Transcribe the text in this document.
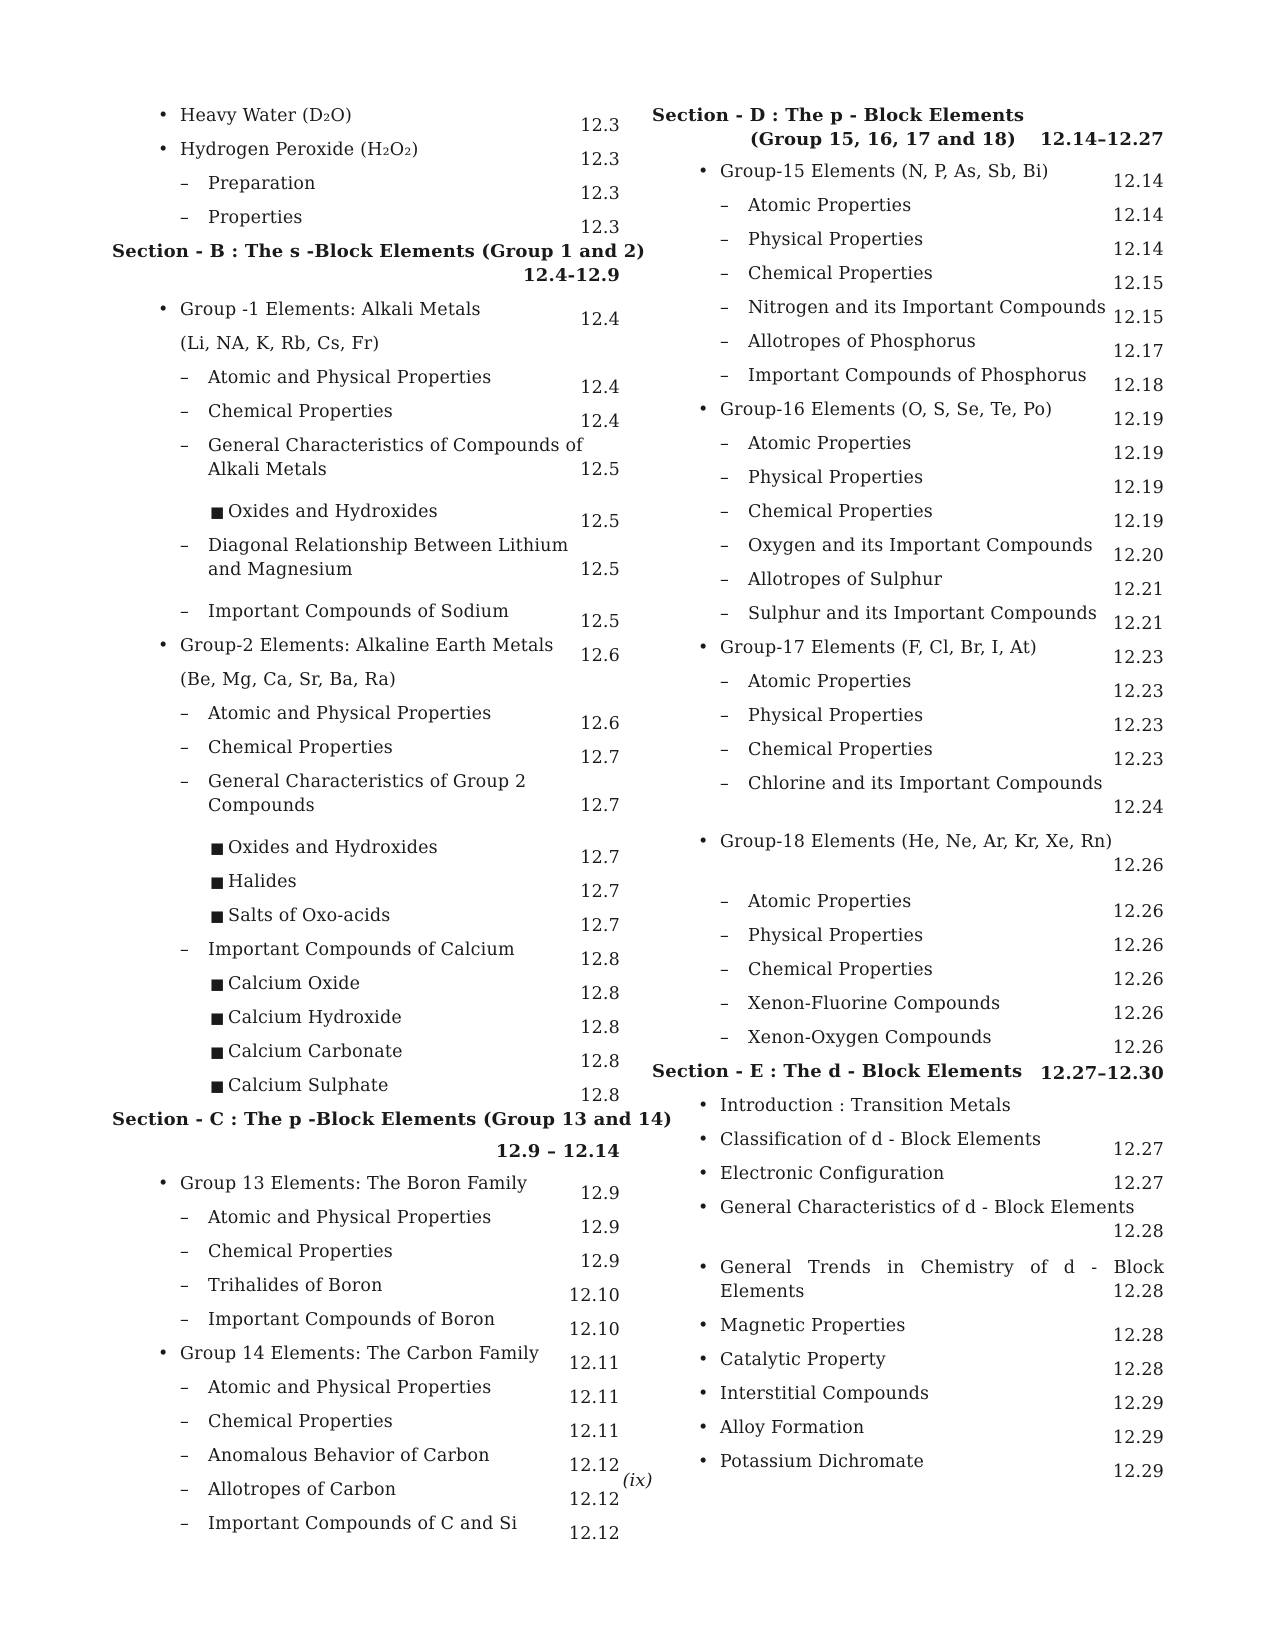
• Heavy Water (D₂O)	12.3
• Hydrogen Peroxide (H₂O₂)	12.3
– Preparation	12.3
– Properties	12.3
Section - B : The s -Block Elements (Group 1 and 2)
12.4-12.9
• Group -1 Elements: Alkali Metals	12.4
(Li, NA, K, Rb, Cs, Fr)
– Atomic and Physical Properties	12.4
– Chemical Properties	12.4
– General Characteristics of Compounds of
Alkali Metals	12.5
■ Oxides and Hydroxides	12.5
– Diagonal Relationship Between Lithium
and Magnesium	12.5
– Important Compounds of Sodium	12.5
• Group-2 Elements: Alkaline Earth Metals 12.6
(Be, Mg, Ca, Sr, Ba, Ra)
– Atomic and Physical Properties	12.6
– Chemical Properties	12.7
– General Characteristics of Group 2
Compounds	12.7
■ Oxides and Hydroxides	12.7
■ Halides	12.7
■ Salts of Oxo-acids	12.7
– Important Compounds of Calcium	12.8
■ Calcium Oxide	12.8
■ Calcium Hydroxide	12.8
■ Calcium Carbonate	12.8
■ Calcium Sulphate	12.8
Section - C : The p -Block Elements (Group 13 and 14)
12.9 – 12.14
• Group 13 Elements: The Boron Family	12.9
– Atomic and Physical Properties	12.9
– Chemical Properties	12.9
– Trihalides of Boron	12.10
– Important Compounds of Boron	12.10
• Group 14 Elements: The Carbon Family 12.11
– Atomic and Physical Properties	12.11
– Chemical Properties	12.11
– Anomalous Behavior of Carbon	12.12
– Allotropes of Carbon	12.12
– Important Compounds of C and Si	12.12
Section - D : The p - Block Elements
(Group 15, 16, 17 and 18) 12.14–12.27
• Group-15 Elements (N, P, As, Sb, Bi)	12.14
– Atomic Properties	12.14
– Physical Properties	12.14
– Chemical Properties	12.15
– Nitrogen and its Important Compounds 12.15
– Allotropes of Phosphorus	12.17
– Important Compounds of Phosphorus 12.18
• Group-16 Elements (O, S, Se, Te, Po)	12.19
– Atomic Properties	12.19
– Physical Properties	12.19
– Chemical Properties	12.19
– Oxygen and its Important Compounds 12.20
– Allotropes of Sulphur	12.21
– Sulphur and its Important Compounds 12.21
• Group-17 Elements (F, Cl, Br, I, At)	12.23
– Atomic Properties	12.23
– Physical Properties	12.23
– Chemical Properties	12.23
– Chlorine and its Important Compounds
12.24
• Group-18 Elements (He, Ne, Ar, Kr, Xe, Rn)
12.26
– Atomic Properties	12.26
– Physical Properties	12.26
– Chemical Properties	12.26
– Xenon-Fluorine Compounds	12.26
– Xenon-Oxygen Compounds	12.26
Section - E : The d - Block Elements 12.27–12.30
• Introduction : Transition Metals
• Classification of d - Block Elements	12.27
• Electronic Configuration	12.27
• General Characteristics of d - Block Elements
12.28
• General Trends in Chemistry of d - Block
Elements	12.28
• Magnetic Properties	12.28
• Catalytic Property	12.28
• Interstitial Compounds	12.29
• Alloy Formation	12.29
• Potassium Dichromate	12.29
(ix)
